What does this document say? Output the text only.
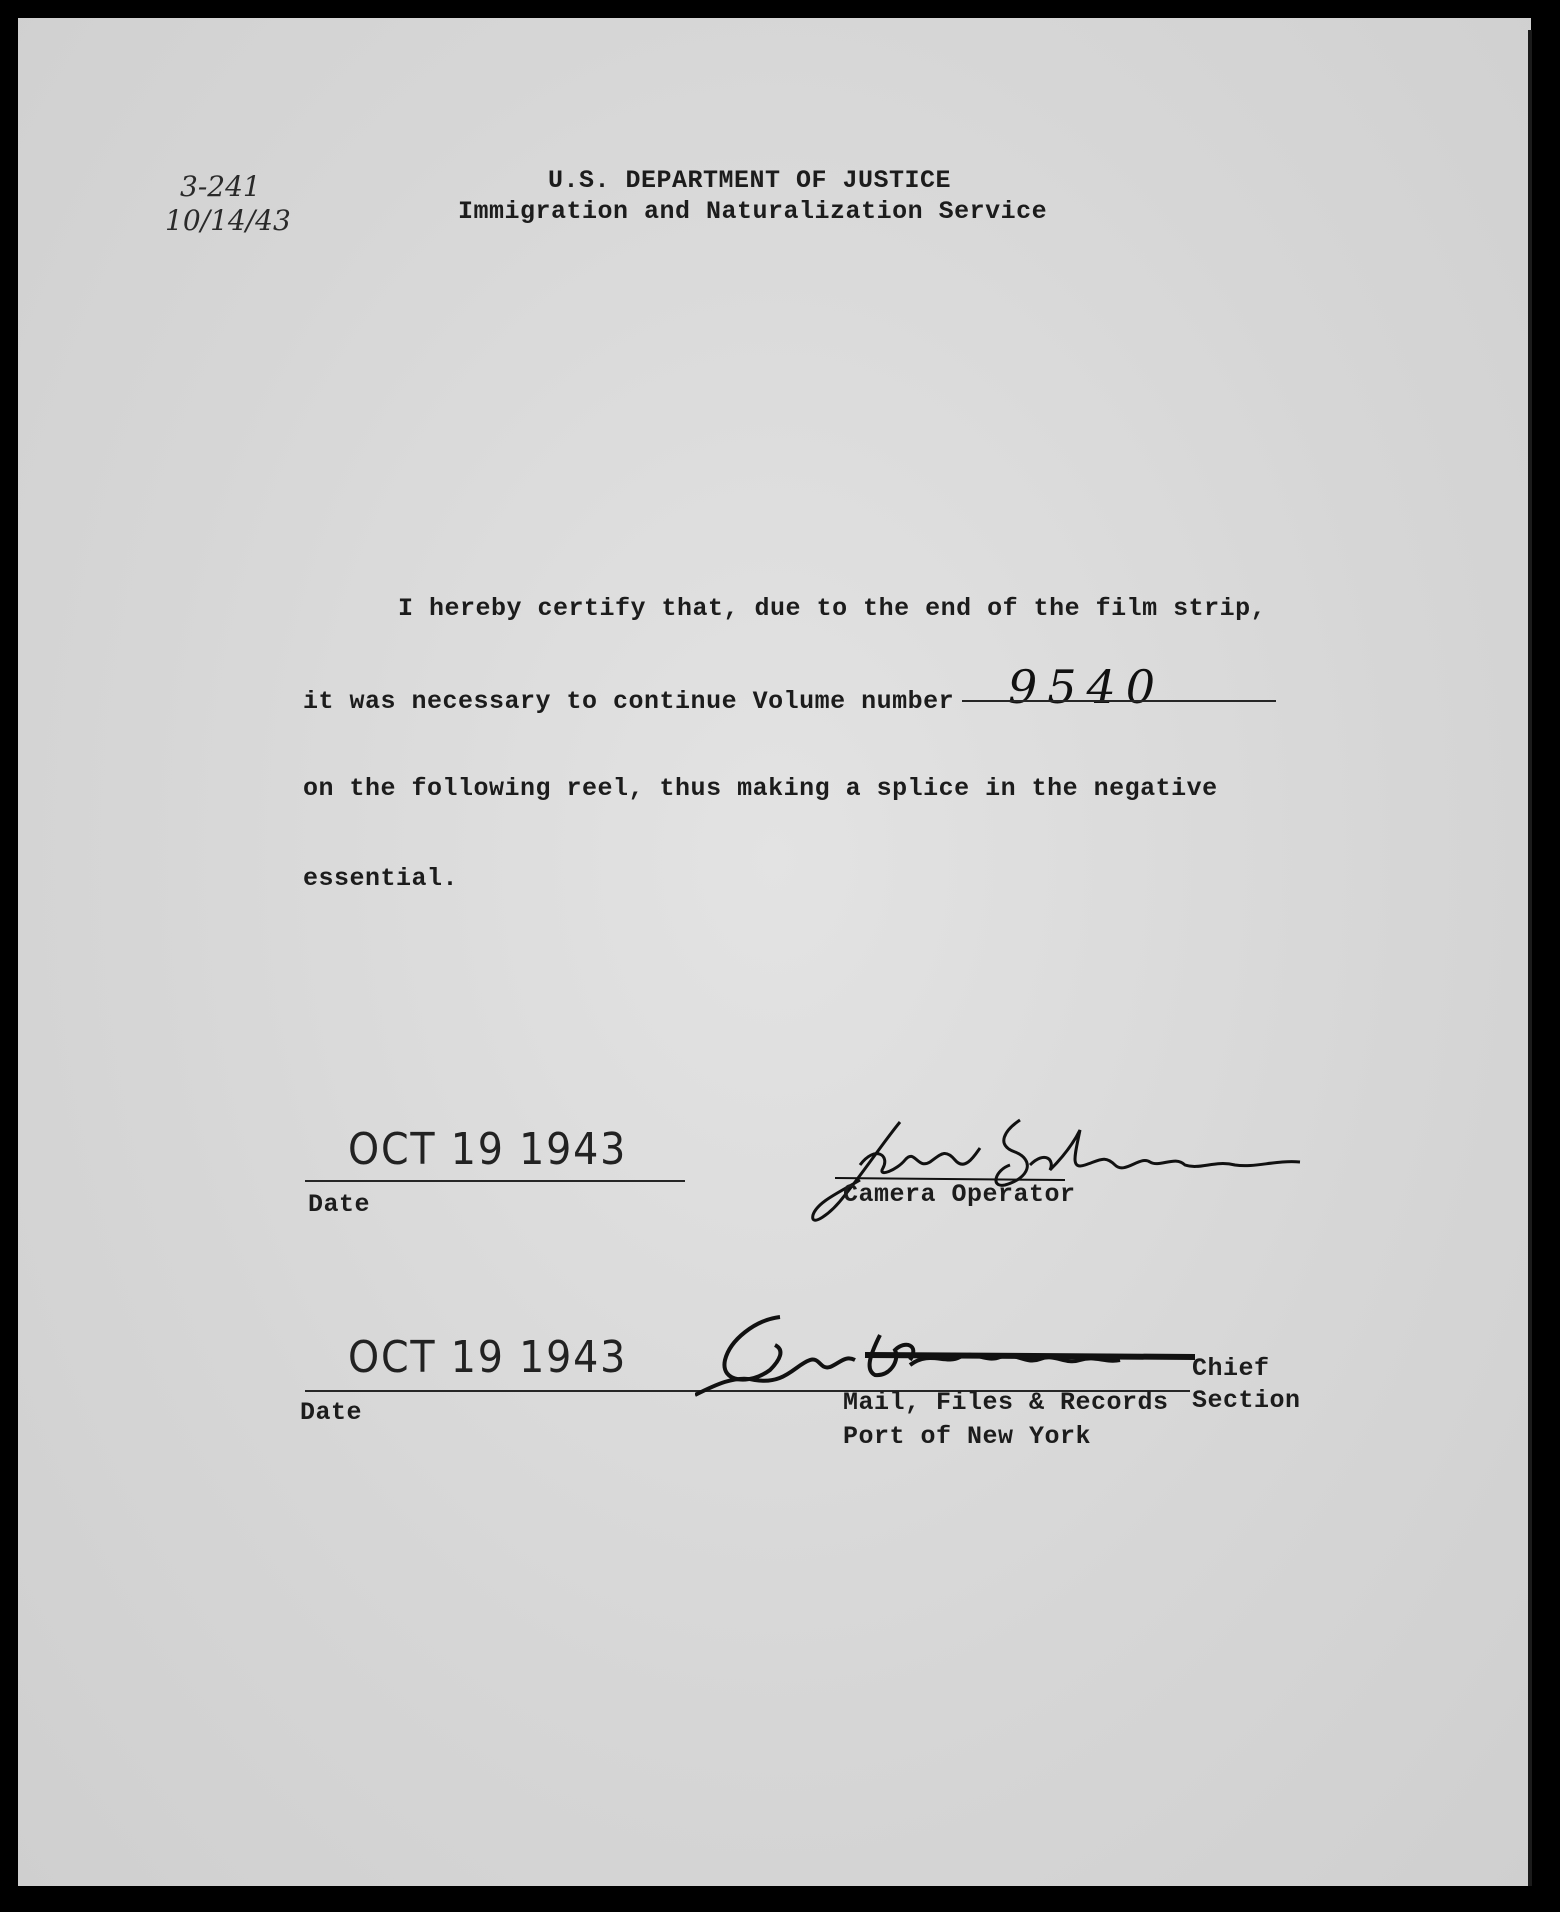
3-241
10/14/43
U.S. DEPARTMENT OF JUSTICE
Immigration and Naturalization Service
I hereby certify that, due to the end of the film strip,
it was necessary to continue Volume number 9540
on the following reel, thus making a splice in the negative
essential.
OCT 19 1943
Date	Camera Operator
OCT 19 1943
Date
Chief
Mail, Files & Records Section
Port of New York
